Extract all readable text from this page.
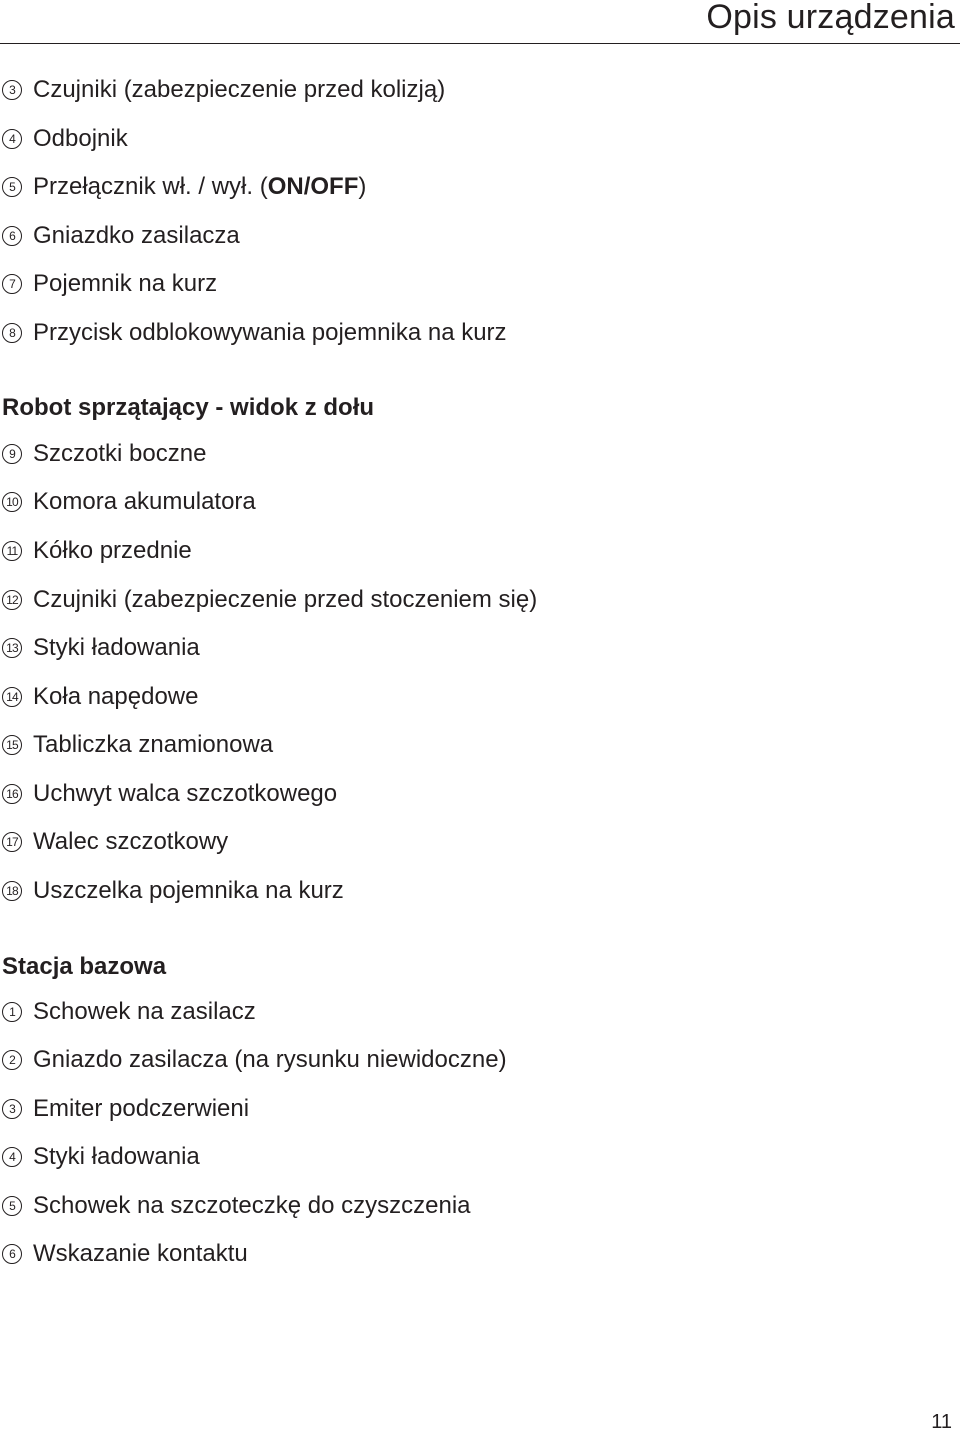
Opis urządzenia
3 Czujniki (zabezpieczenie przed kolizją)
4 Odbojnik
5 Przełącznik wł. / wył. (ON/OFF)
6 Gniazdko zasilacza
7 Pojemnik na kurz
8 Przycisk odblokowywania pojemnika na kurz
Robot sprzątający - widok z dołu
9 Szczotki boczne
10 Komora akumulatora
11 Kółko przednie
12 Czujniki (zabezpieczenie przed stoczeniem się)
13 Styki ładowania
14 Koła napędowe
15 Tabliczka znamionowa
16 Uchwyt walca szczotkowego
17 Walec szczotkowy
18 Uszczelka pojemnika na kurz
Stacja bazowa
1 Schowek na zasilacz
2 Gniazdo zasilacza (na rysunku niewidoczne)
3 Emiter podczerwieni
4 Styki ładowania
5 Schowek na szczoteczkę do czyszczenia
6 Wskazanie kontaktu
11
